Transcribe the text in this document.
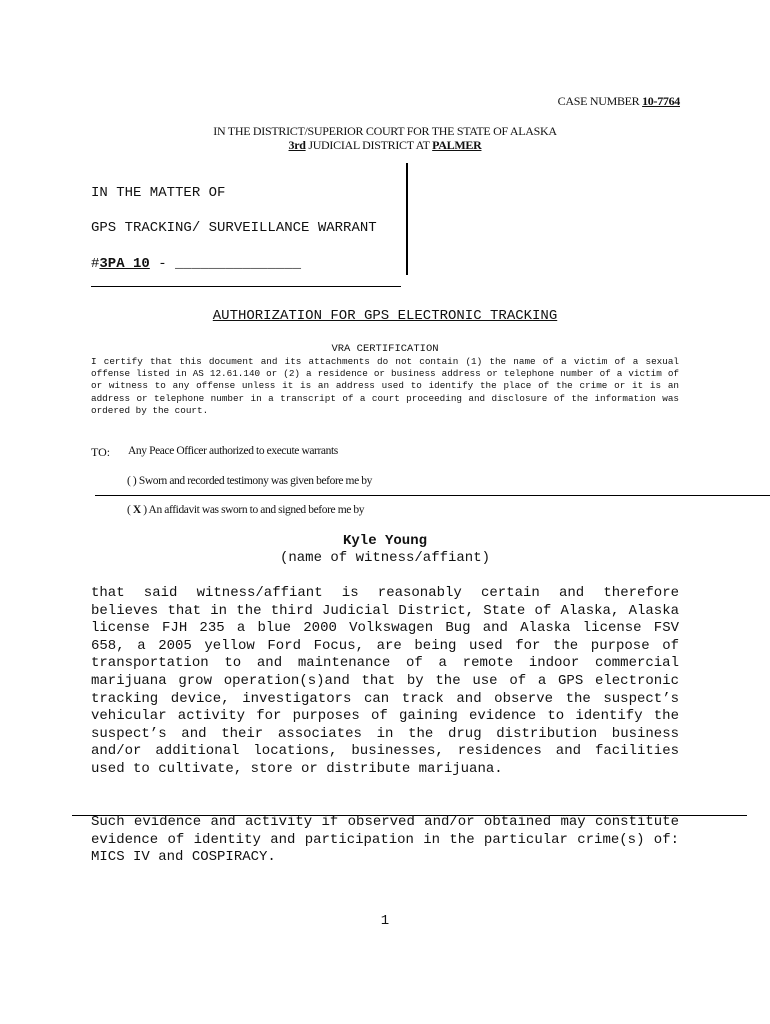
CASE NUMBER 10-7764
IN THE DISTRICT/SUPERIOR COURT FOR THE STATE OF ALASKA
3rd JUDICIAL DISTRICT AT PALMER
IN THE MATTER OF
GPS TRACKING/ SURVEILLANCE WARRANT
#3PA 10 - _______________
AUTHORIZATION FOR GPS ELECTRONIC TRACKING
VRA CERTIFICATION
I certify that this document and its attachments do not contain (1) the name of a victim of a sexual offense listed in AS 12.61.140 or (2) a residence or business address or telephone number of a victim of or witness to any offense unless it is an address used to identify the place of the crime or it is an address or telephone number in a transcript of a court proceeding and disclosure of the information was ordered by the court.
TO: Any Peace Officer authorized to execute warrants
( ) Sworn and recorded testimony was given before me by
( X ) An affidavit was sworn to and signed before me by
Kyle Young
(name of witness/affiant)
that said witness/affiant is reasonably certain and therefore believes that in the third Judicial District, State of Alaska, Alaska license FJH 235 a blue 2000 Volkswagen Bug and Alaska license FSV 658, a 2005 yellow Ford Focus, are being used for the purpose of transportation to and maintenance of a remote indoor commercial marijuana grow operation(s)and that by the use of a GPS electronic tracking device, investigators can track and observe the suspect’s vehicular activity for purposes of gaining evidence to identify the suspect’s and their associates in the drug distribution business and/or additional locations, businesses, residences and facilities used to cultivate, store or distribute marijuana.
Such evidence and activity if observed and/or obtained may constitute evidence of identity and participation in the particular crime(s) of: MICS IV and COSPIRACY.
1
